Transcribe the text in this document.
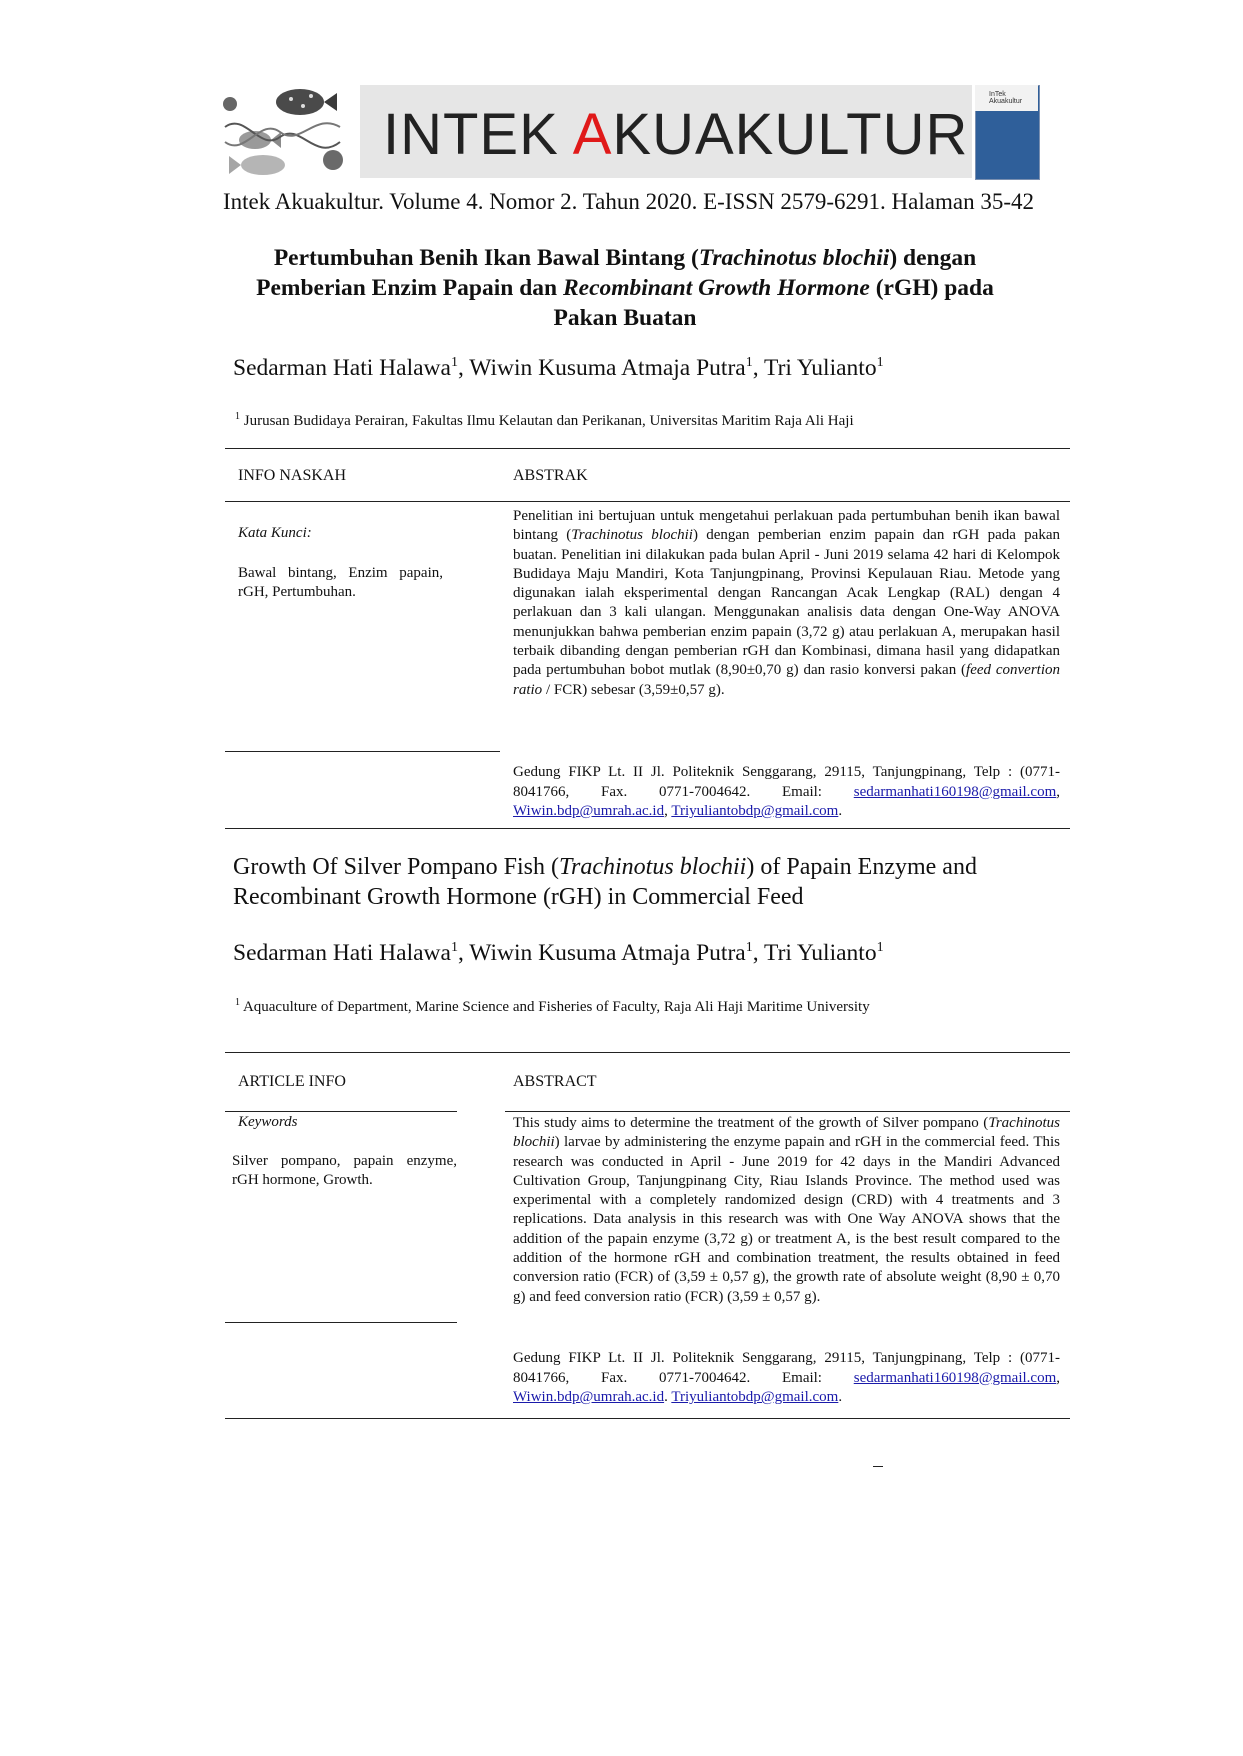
INTEK AKUAKULTUR
InTek Akuakultur
Intek Akuakultur. Volume 4. Nomor 2. Tahun 2020. E-ISSN 2579-6291. Halaman 35-42
Pertumbuhan Benih Ikan Bawal Bintang (Trachinotus blochii) dengan
Pemberian Enzim Papain dan Recombinant Growth Hormone (rGH) pada
Pakan Buatan
Sedarman Hati Halawa$^1$, Wiwin Kusuma Atmaja Putra$^1$, Tri Yulianto$^1$
$^1$ Jurusan Budidaya Perairan, Fakultas Ilmu Kelautan dan Perikanan, Universitas Maritim Raja Ali Haji
INFO NASKAH	ABSTRAK
Kata Kunci:
Bawal bintang, Enzim papain, rGH, Pertumbuhan.
Penelitian ini bertujuan untuk mengetahui perlakuan pada pertumbuhan benih ikan bawal bintang (Trachinotus blochii) dengan pemberian enzim papain dan rGH pada pakan buatan. Penelitian ini dilakukan pada bulan April - Juni 2019 selama 42 hari di Kelompok Budidaya Maju Mandiri, Kota Tanjungpinang, Provinsi Kepulauan Riau. Metode yang digunakan ialah eksperimental dengan Rancangan Acak Lengkap (RAL) dengan 4 perlakuan dan 3 kali ulangan. Menggunakan analisis data dengan One-Way ANOVA menunjukkan bahwa pemberian enzim papain (3,72 g) atau perlakuan A, merupakan hasil terbaik dibanding dengan pemberian rGH dan Kombinasi, dimana hasil yang didapatkan pada pertumbuhan bobot mutlak (8,90±0,70 g) dan rasio konversi pakan (feed convertion ratio / FCR) sebesar (3,59±0,57 g).
Gedung FIKP Lt. II Jl. Politeknik Senggarang, 29115, Tanjungpinang, Telp : (0771-8041766, Fax. 0771-7004642. Email: sedarmanhati160198@gmail.com, Wiwin.bdp@umrah.ac.id, Triyuliantobdp@gmail.com.
Growth Of Silver Pompano Fish (Trachinotus blochii) of Papain Enzyme and
Recombinant Growth Hormone (rGH) in Commercial Feed
Sedarman Hati Halawa$^1$, Wiwin Kusuma Atmaja Putra$^1$, Tri Yulianto$^1$
$^1$ Aquaculture of Department, Marine Science and Fisheries of Faculty, Raja Ali Haji Maritime University
ARTICLE INFO	ABSTRACT
Keywords
Silver pompano, papain enzyme, rGH hormone, Growth.
This study aims to determine the treatment of the growth of Silver pompano (Trachinotus blochii) larvae by administering the enzyme papain and rGH in the commercial feed. This research was conducted in April - June 2019 for 42 days in the Mandiri Advanced Cultivation Group, Tanjungpinang City, Riau Islands Province. The method used was experimental with a completely randomized design (CRD) with 4 treatments and 3 replications. Data analysis in this research was with One Way ANOVA shows that the addition of the papain enzyme (3,72 g) or treatment A, is the best result compared to the addition of the hormone rGH and combination treatment, the results obtained in feed conversion ratio (FCR) of (3,59 ± 0,57 g), the growth rate of absolute weight (8,90 ± 0,70 g) and feed conversion ratio (FCR) (3,59 ± 0,57 g).
Gedung FIKP Lt. II Jl. Politeknik Senggarang, 29115, Tanjungpinang, Telp : (0771-8041766, Fax. 0771-7004642. Email: sedarmanhati160198@gmail.com, Wiwin.bdp@umrah.ac.id. Triyuliantobdp@gmail.com.
